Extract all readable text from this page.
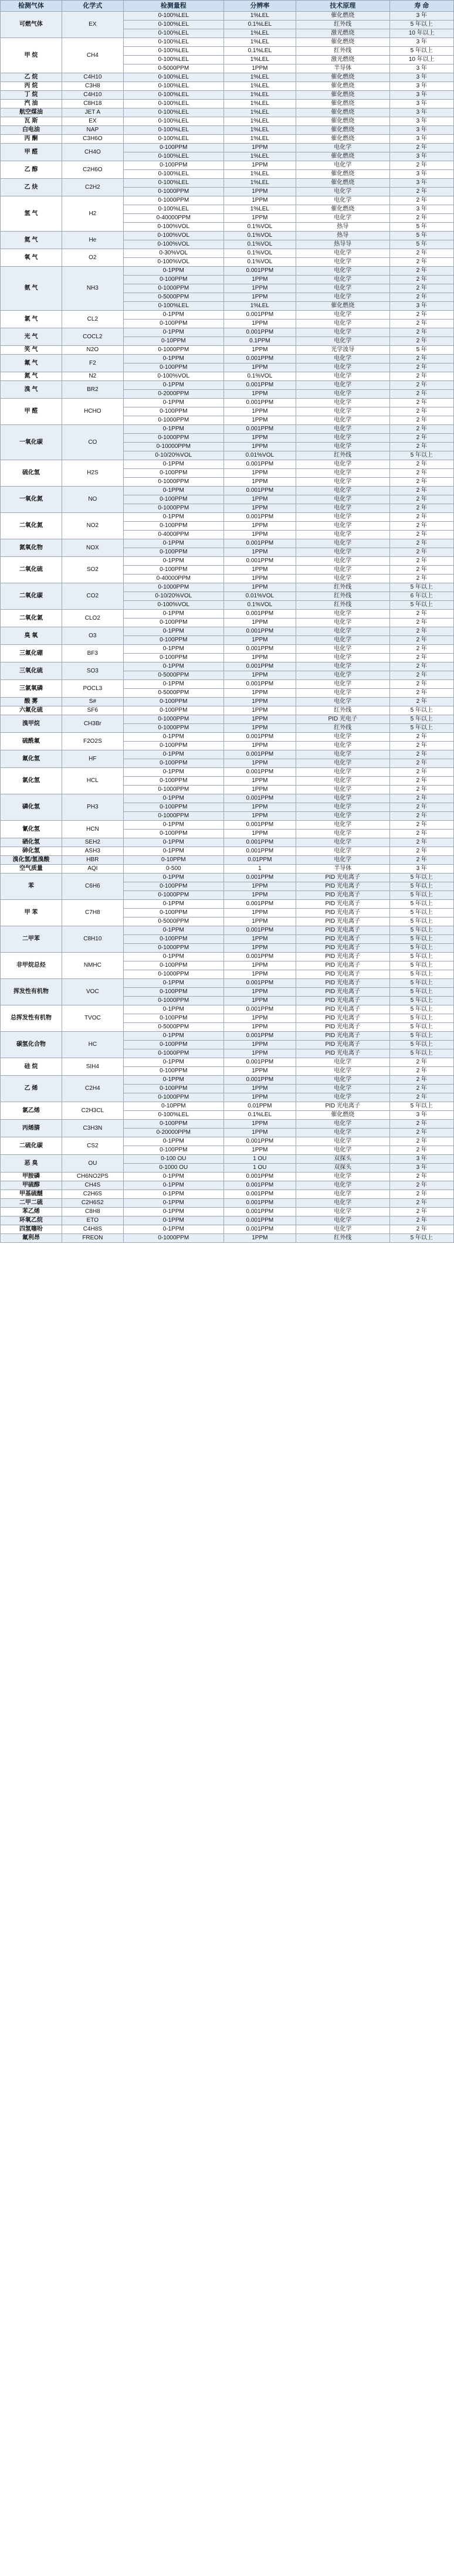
检测气体	化学式	检测量程	分辨率	技术原理	寿 命
可燃气体	EX	0-100%LEL	1%LEL	催化燃烧	3 年
		0-100%LEL	0.1%LEL	红外线	5 年以上
		0-100%LEL	1%LEL	激光燃烧	10 年以上
甲 烷	CH4	0-100%LEL	1%LEL	催化燃烧	3 年
		0-100%LEL	0.1%LEL	红外线	5 年以上
		0-100%LEL	1%LEL	激光燃烧	10 年以上
		0-5000PPM	1PPM	半导体	3 年
乙 烷	C4H10	0-100%LEL	1%LEL	催化燃烧	3 年
丙 烷	C3H8	0-100%LEL	1%LEL	催化燃烧	3 年
丁 烷	C4H10	0-100%LEL	1%LEL	催化燃烧	3 年
汽 油	C8H18	0-100%LEL	1%LEL	催化燃烧	3 年
航空煤油	JET A	0-100%LEL	1%LEL	催化燃烧	3 年
瓦 斯	EX	0-100%LEL	1%LEL	催化燃烧	3 年
白电油	NAP	0-100%LEL	1%LEL	催化燃烧	3 年
丙 酮	C3H6O	0-100%LEL	1%LEL	催化燃烧	3 年
甲 醛	CH4O	0-100PPM	1PPM	电化学	2 年
		0-100%LEL	1%LEL	催化燃烧	3 年
乙 醇	C2H6O	0-100PPM	1PPM	电化学	2 年
		0-100%LEL	1%LEL	催化燃烧	3 年
乙 炔	C2H2	0-100%LEL	1%LEL	催化燃烧	3 年
		0-1000PPM	1PPM	电化学	2 年
氢 气	H2	0-1000PPM	1PPM	电化学	2 年
		0-100%LEL	1%LEL	催化燃烧	3 年
		0-40000PPM	1PPM	电化学	2 年
		0-100%VOL	0.1%VOL	热导	5 年
氦 气	He	0-100%VOL	0.1%VOL	热导	5 年
		0-100%VOL	0.1%VOL	热导导	5 年
氧 气	O2	0-30%VOL	0.1%VOL	电化学	2 年
		0-100%VOL	0.1%VOL	电化学	2 年
氨 气	NH3	0-1PPM	0.001PPM	电化学	2 年
		0-100PPM	1PPM	电化学	2 年
		0-1000PPM	1PPM	电化学	2 年
		0-5000PPM	1PPM	电化学	2 年
		0-100%LEL	1%LEL	催化燃烧	3 年
氯 气	CL2	0-1PPM	0.001PPM	电化学	2 年
		0-100PPM	1PPM	电化学	2 年
光 气	COCL2	0-1PPM	0.001PPM	电化学	2 年
		0-10PPM	0.1PPM	电化学	2 年
笑 气	N2O	0-1000PPM	1PPM	光学波导	5 年
氟 气	F2	0-1PPM	0.001PPM	电化学	2 年
		0-100PPM	1PPM	电化学	2 年
氮 气	N2	0-100%VOL	0.1%VOL	电化学	2 年
溴 气	BR2	0-1PPM	0.001PPM	电化学	2 年
		0-2000PPM	1PPM	电化学	2 年
甲 醛	HCHO	0-1PPM	0.001PPM	电化学	2 年
		0-100PPM	1PPM	电化学	2 年
		0-1000PPM	1PPM	电化学	2 年
一氧化碳	CO	0-1PPM	0.001PPM	电化学	2 年
		0-1000PPM	1PPM	电化学	2 年
		0-10000PPM	1PPM	电化学	2 年
		0-10/20%VOL	0.01%VOL	红外线	5 年以上
硫化氢	H2S	0-1PPM	0.001PPM	电化学	2 年
		0-100PPM	1PPM	电化学	2 年
		0-1000PPM	1PPM	电化学	2 年
一氧化氮	NO	0-1PPM	0.001PPM	电化学	2 年
		0-100PPM	1PPM	电化学	2 年
		0-1000PPM	1PPM	电化学	2 年
二氧化氮	NO2	0-1PPM	0.001PPM	电化学	2 年
		0-100PPM	1PPM	电化学	2 年
		0-4000PPM	1PPM	电化学	2 年
氮氧化物	NOX	0-1PPM	0.001PPM	电化学	2 年
		0-100PPM	1PPM	电化学	2 年
二氧化硫	SO2	0-1PPM	0.001PPM	电化学	2 年
		0-100PPM	1PPM	电化学	2 年
		0-40000PPM	1PPM	电化学	2 年
二氧化碳	CO2	0-1000PPM	1PPM	红外线	5 年以上
		0-10/20%VOL	0.01%VOL	红外线	6 年以上
		0-100%VOL	0.1%VOL	红外线	5 年以上
二氧化氯	CLO2	0-1PPM	0.001PPM	电化学	2 年
		0-100PPM	1PPM	电化学	2 年
臭 氧	O3	0-1PPM	0.001PPM	电化学	2 年
		0-100PPM	1PPM	电化学	2 年
三氟化硼	BF3	0-1PPM	0.001PPM	电化学	2 年
		0-100PPM	1PPM	电化学	2 年
三氧化硫	SO3	0-1PPM	0.001PPM	电化学	2 年
		0-5000PPM	1PPM	电化学	2 年
三氯氧磷	POCL3	0-1PPM	0.001PPM	电化学	2 年
		0-5000PPM	1PPM	电化学	2 年
酸 雾	S#	0-100PPM	1PPM	电化学	2 年
六氟化硫	SF6	0-100PPM	1PPM	红外线	5 年以上
溴甲烷	CH3Br	0-1000PPM	1PPM	PID 光电子	5 年以上
		0-1000PPM	1PPM	红外线	5 年以上
硫酰氟	F2O2S	0-1PPM	0.001PPM	电化学	2 年
		0-100PPM	1PPM	电化学	2 年
氟化氢	HF	0-1PPM	0.001PPM	电化学	2 年
		0-100PPM	1PPM	电化学	2 年
氯化氢	HCL	0-1PPM	0.001PPM	电化学	2 年
		0-100PPM	1PPM	电化学	2 年
		0-1000PPM	1PPM	电化学	2 年
磷化氢	PH3	0-1PPM	0.001PPM	电化学	2 年
		0-100PPM	1PPM	电化学	2 年
		0-1000PPM	1PPM	电化学	2 年
氰化氢	HCN	0-1PPM	0.001PPM	电化学	2 年
		0-100PPM	1PPM	电化学	2 年
硒化氢	SEH2	0-1PPM	0.001PPM	电化学	2 年
砷化氢	ASH3	0-1PPM	0.001PPM	电化学	2 年
溴化氢/氢溴酸	HBR	0-10PPM	0.01PPM	电化学	2 年
空气质量	AQI	0-500	1	半导体	3 年
苯	C6H6	0-1PPM	0.001PPM	PID 光电离子	5 年以上
		0-100PPM	1PPM	PID 光电离子	5 年以上
		0-1000PPM	1PPM	PID 光电离子	5 年以上
甲 苯	C7H8	0-1PPM	0.001PPM	PID 光电离子	5 年以上
		0-100PPM	1PPM	PID 光电离子	5 年以上
		0-5000PPM	1PPM	PID 光电离子	5 年以上
二甲苯	C8H10	0-1PPM	0.001PPM	PID 光电离子	5 年以上
		0-100PPM	1PPM	PID 光电离子	5 年以上
		0-1000PPM	1PPM	PID 光电离子	5 年以上
非甲烷总烃	NMHC	0-1PPM	0.001PPM	PID 光电离子	5 年以上
		0-100PPM	1PPM	PID 光电离子	5 年以上
		0-1000PPM	1PPM	PID 光电离子	5 年以上
挥发性有机物	VOC	0-1PPM	0.001PPM	PID 光电离子	5 年以上
		0-100PPM	1PPM	PID 光电离子	5 年以上
		0-1000PPM	1PPM	PID 光电离子	5 年以上
总挥发性有机物	TVOC	0-1PPM	0.001PPM	PID 光电离子	5 年以上
		0-100PPM	1PPM	PID 光电离子	5 年以上
		0-5000PPM	1PPM	PID 光电离子	5 年以上
碳氢化合物	HC	0-1PPM	0.001PPM	PID 光电离子	5 年以上
		0-100PPM	1PPM	PID 光电离子	5 年以上
		0-1000PPM	1PPM	PID 光电离子	5 年以上
硅 烷	SIH4	0-1PPM	0.001PPM	电化学	2 年
		0-100PPM	1PPM	电化学	2 年
乙 烯	C2H4	0-1PPM	0.001PPM	电化学	2 年
		0-100PPM	1PPM	电化学	2 年
		0-1000PPM	1PPM	电化学	2 年
氯乙烯	C2H3CL	0-10PPM	0.01PPM	PID 光电离子	5 年以上
		0-100%LEL	0.1%LEL	催化燃烧	3 年
丙烯腈	C3H3N	0-100PPM	1PPM	电化学	2 年
		0-20000PPM	1PPM	电化学	2 年
二硫化碳	CS2	0-1PPM	0.001PPM	电化学	2 年
		0-100PPM	1PPM	电化学	2 年
恶 臭	OU	0-100 OU	1 OU	双探头	3 年
		0-1000 OU	1 OU	双探头	3 年
甲胺磷	CH6NO2PS	0-1PPM	0.001PPM	电化学	2 年
甲硫醇	CH4S	0-1PPM	0.001PPM	电化学	2 年
甲基硫醚	C2H6S	0-1PPM	0.001PPM	电化学	2 年
二甲二硫	C2H6S2	0-1PPM	0.001PPM	电化学	2 年
苯乙烯	C8H8	0-1PPM	0.001PPM	电化学	2 年
环氧乙烷	ETO	0-1PPM	0.001PPM	电化学	2 年
四氢噻吩	C4H8S	0-1PPM	0.001PPM	电化学	2 年
氟利昂	FREON	0-1000PPM	1PPM	红外线	5 年以上
